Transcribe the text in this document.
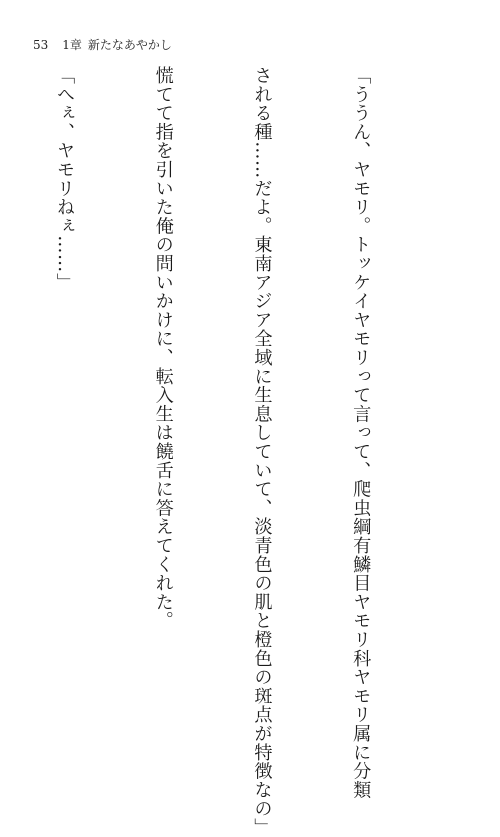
53 1章 新たなあやかし

「ううん、ヤモリ。トッケイヤモリって言って、爬虫綱有鱗目ヤモリ科ヤモリ属に分類

される種……だよ。東南アジア全域に生息していて、淡青色の肌と橙色の斑点が特徴なの」

慌てて指を引いた俺の問いかけに、転入生は饒舌に答えてくれた。

「へぇ、ヤモリねぇ……」
